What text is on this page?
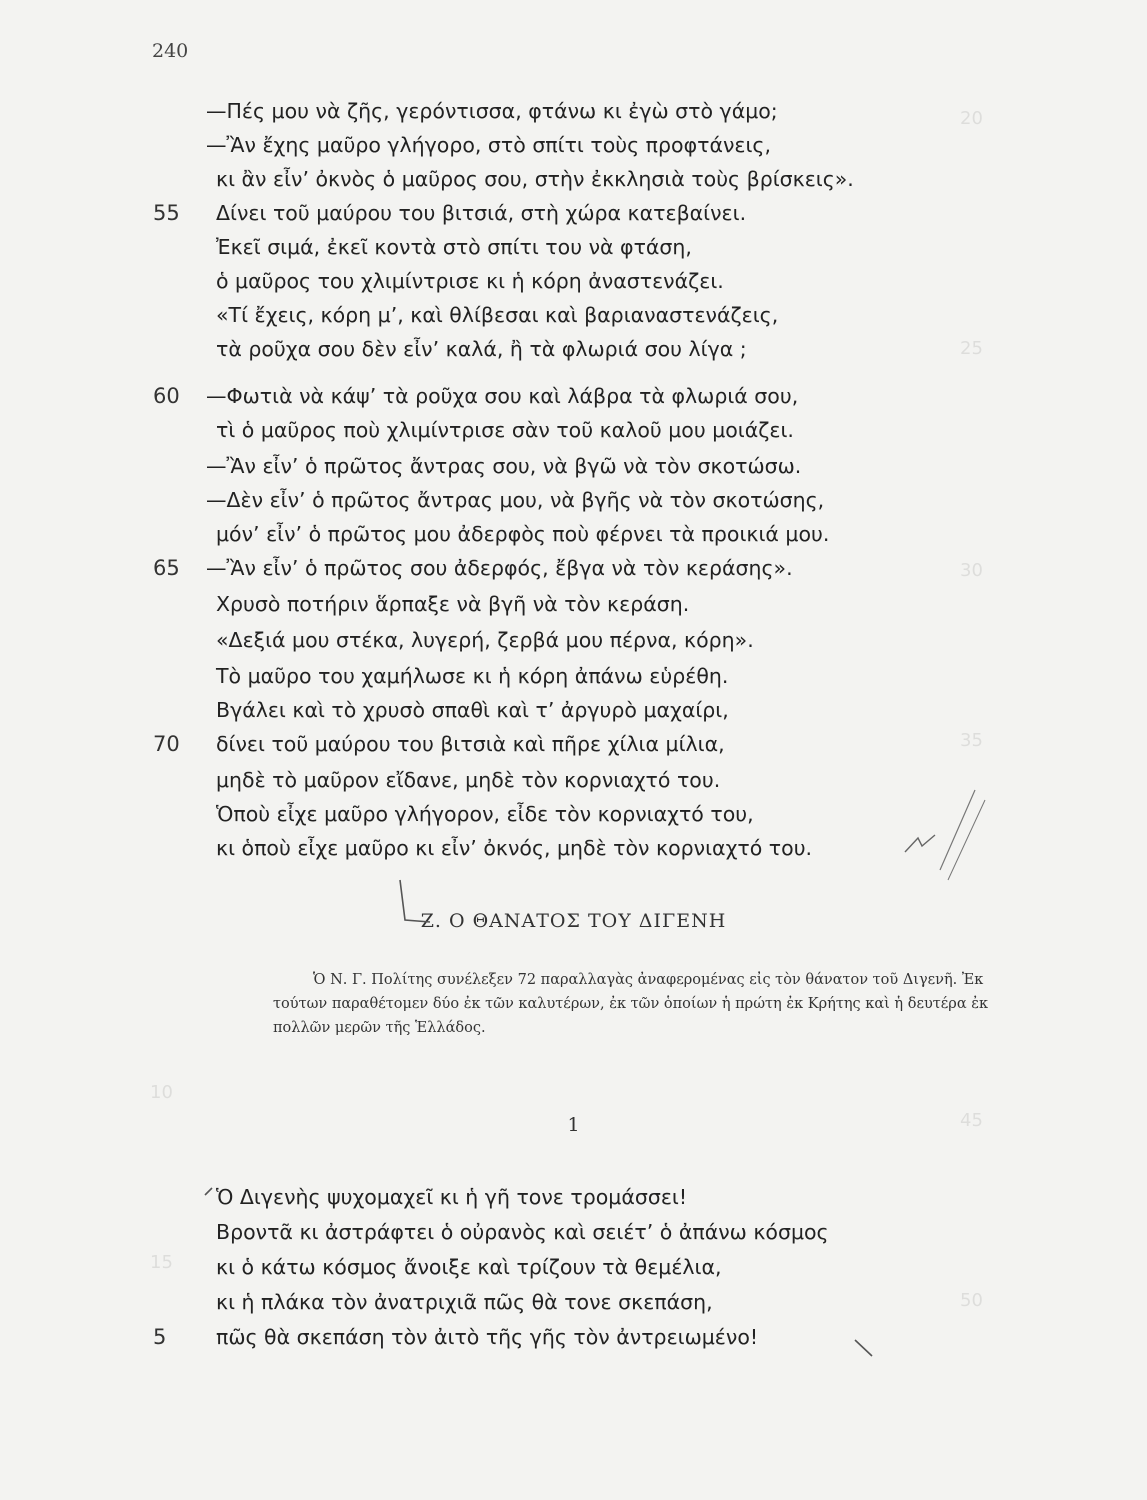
20
25
30
35
45
50
10
15
240
—Πές μου νὰ ζῆς, γερόντισσα, φτάνω κι ἐγὼ στὸ γάμο;
—Ἂν ἔχης μαῦρο γλήγορο, στὸ σπίτι τοὺς προφτάνεις,
κι ἂν εἶν’ ὀκνὸς ὁ μαῦρος σου, στὴν ἐκκλησιὰ τοὺς βρίσκεις».
55	Δίνει τοῦ μαύρου του βιτσιά, στὴ χώρα κατεβαίνει.
Ἐκεῖ σιμά, ἐκεῖ κοντὰ στὸ σπίτι του νὰ φτάση,
ὁ μαῦρος του χλιμίντρισε κι ἡ κόρη ἀναστενάζει.
«Τί ἔχεις, κόρη μ’, καὶ θλίβεσαι καὶ βαριαναστενάζεις,
τὰ ροῦχα σου δὲν εἶν’ καλά, ἢ τὰ φλωριά σου λίγα ;
60	—Φωτιὰ νὰ κάψ’ τὰ ροῦχα σου καὶ λάβρα τὰ φλωριά σου,
τὶ ὁ μαῦρος ποὺ χλιμίντρισε σὰν τοῦ καλοῦ μου μοιάζει.
—Ἂν εἶν’ ὁ πρῶτος ἄντρας σου, νὰ βγῶ νὰ τὸν σκοτώσω.
—Δὲν εἶν’ ὁ πρῶτος ἄντρας μου, νὰ βγῆς νὰ τὸν σκοτώσης,
μόν’ εἶν’ ὁ πρῶτος μου ἀδερφὸς ποὺ φέρνει τὰ προικιά μου.
65	—Ἂν εἶν’ ὁ πρῶτος σου ἀδερφός, ἔβγα νὰ τὸν κεράσης».
Χρυσὸ ποτήριν ἅρπαξε νὰ βγῆ νὰ τὸν κεράση.
«Δεξιά μου στέκα, λυγερή, ζερβά μου πέρνα, κόρη».
Τὸ μαῦρο του χαμήλωσε κι ἡ κόρη ἀπάνω εὑρέθη.
Βγάλει καὶ τὸ χρυσὸ σπαθὶ καὶ τ’ ἀργυρὸ μαχαίρι,
70	δίνει τοῦ μαύρου του βιτσιὰ καὶ πῆρε χίλια μίλια,
μηδὲ τὸ μαῦρον εἴδανε, μηδὲ τὸν κορνιαχτό του.
Ὁποὺ εἶχε μαῦρο γλήγορον, εἶδε τὸν κορνιαχτό του,
κι ὁποὺ εἶχε μαῦρο κι εἶν’ ὀκνός, μηδὲ τὸν κορνιαχτό του.
Ζ. Ο ΘΑΝΑΤΟΣ ΤΟΥ ΔΙΓΕΝΗ
Ὁ Ν. Γ. Πολίτης συνέλεξεν 72 παραλλαγὰς ἀναφερομένας εἰς τὸν θάνατον τοῦ Διγενῆ. Ἐκ τούτων παραθέτομεν δύο ἐκ τῶν καλυτέρων, ἐκ τῶν ὁποίων ἡ πρώτη ἐκ Κρήτης καὶ ἡ δευτέρα ἐκ πολλῶν μερῶν τῆς Ἑλλάδος.
1
Ὁ Διγενὴς ψυχομαχεῖ κι ἡ γῆ τονε τρομάσσει!
Βροντᾶ κι ἀστράφτει ὁ οὐρανὸς καὶ σειέτ’ ὁ ἀπάνω κόσμος
κι ὁ κάτω κόσμος ἄνοιξε καὶ τρίζουν τὰ θεμέλια,
κι ἡ πλάκα τὸν ἀνατριχιᾶ πῶς θὰ τονε σκεπάση,
5	πῶς θὰ σκεπάση τὸν ἀιτὸ τῆς γῆς τὸν ἀντρειωμένο!
